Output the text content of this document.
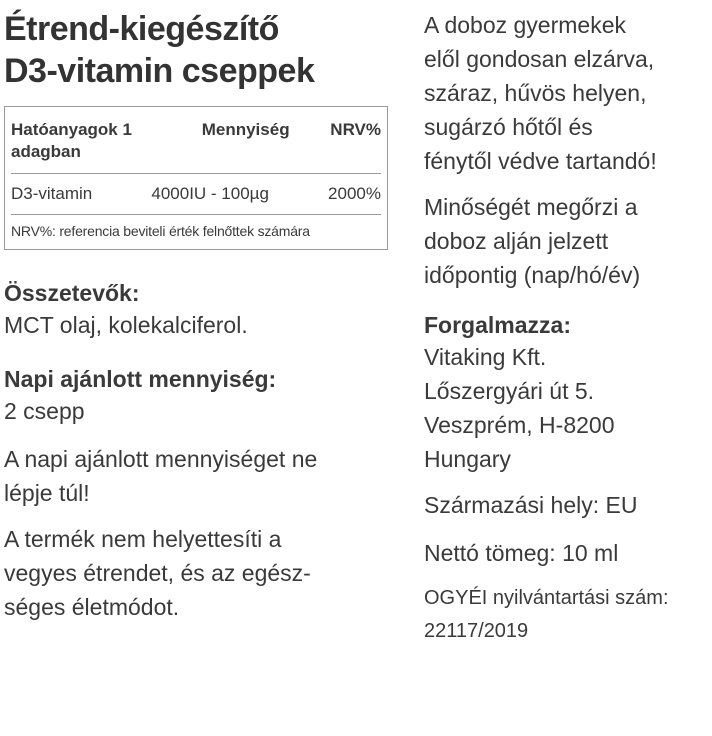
Étrend-kiegészítő
D3-vitamin cseppek
Hatóanyagok 1 adagban
Mennyiség NRV%
D3-vitamin	4000IU - 100µg	2000%
NRV%: referencia beviteli érték felnőttek számára

Összetevők:

MCT olaj, kolekalciferol.

Napi ajánlott mennyiség:

2 csepp

A napi ajánlott mennyiséget ne

lépje túl!

A termék nem helyettesíti a

vegyes étrendet, és az egész-

séges életmódot.

A doboz gyermekek

elől gondosan elzárva,

száraz, hűvös helyen,

sugárzó hőtől és

fénytől védve tartandó!

Minőségét megőrzi a

doboz alján jelzett

időpontig (nap/hó/év)

Forgalmazza:

Vitaking Kft.

Lőszergyári út 5.

Veszprém, H-8200

Hungary

Származási hely: EU

Nettó tömeg: 10 ml

OGYÉI nyilvántartási szám:

22117/2019
